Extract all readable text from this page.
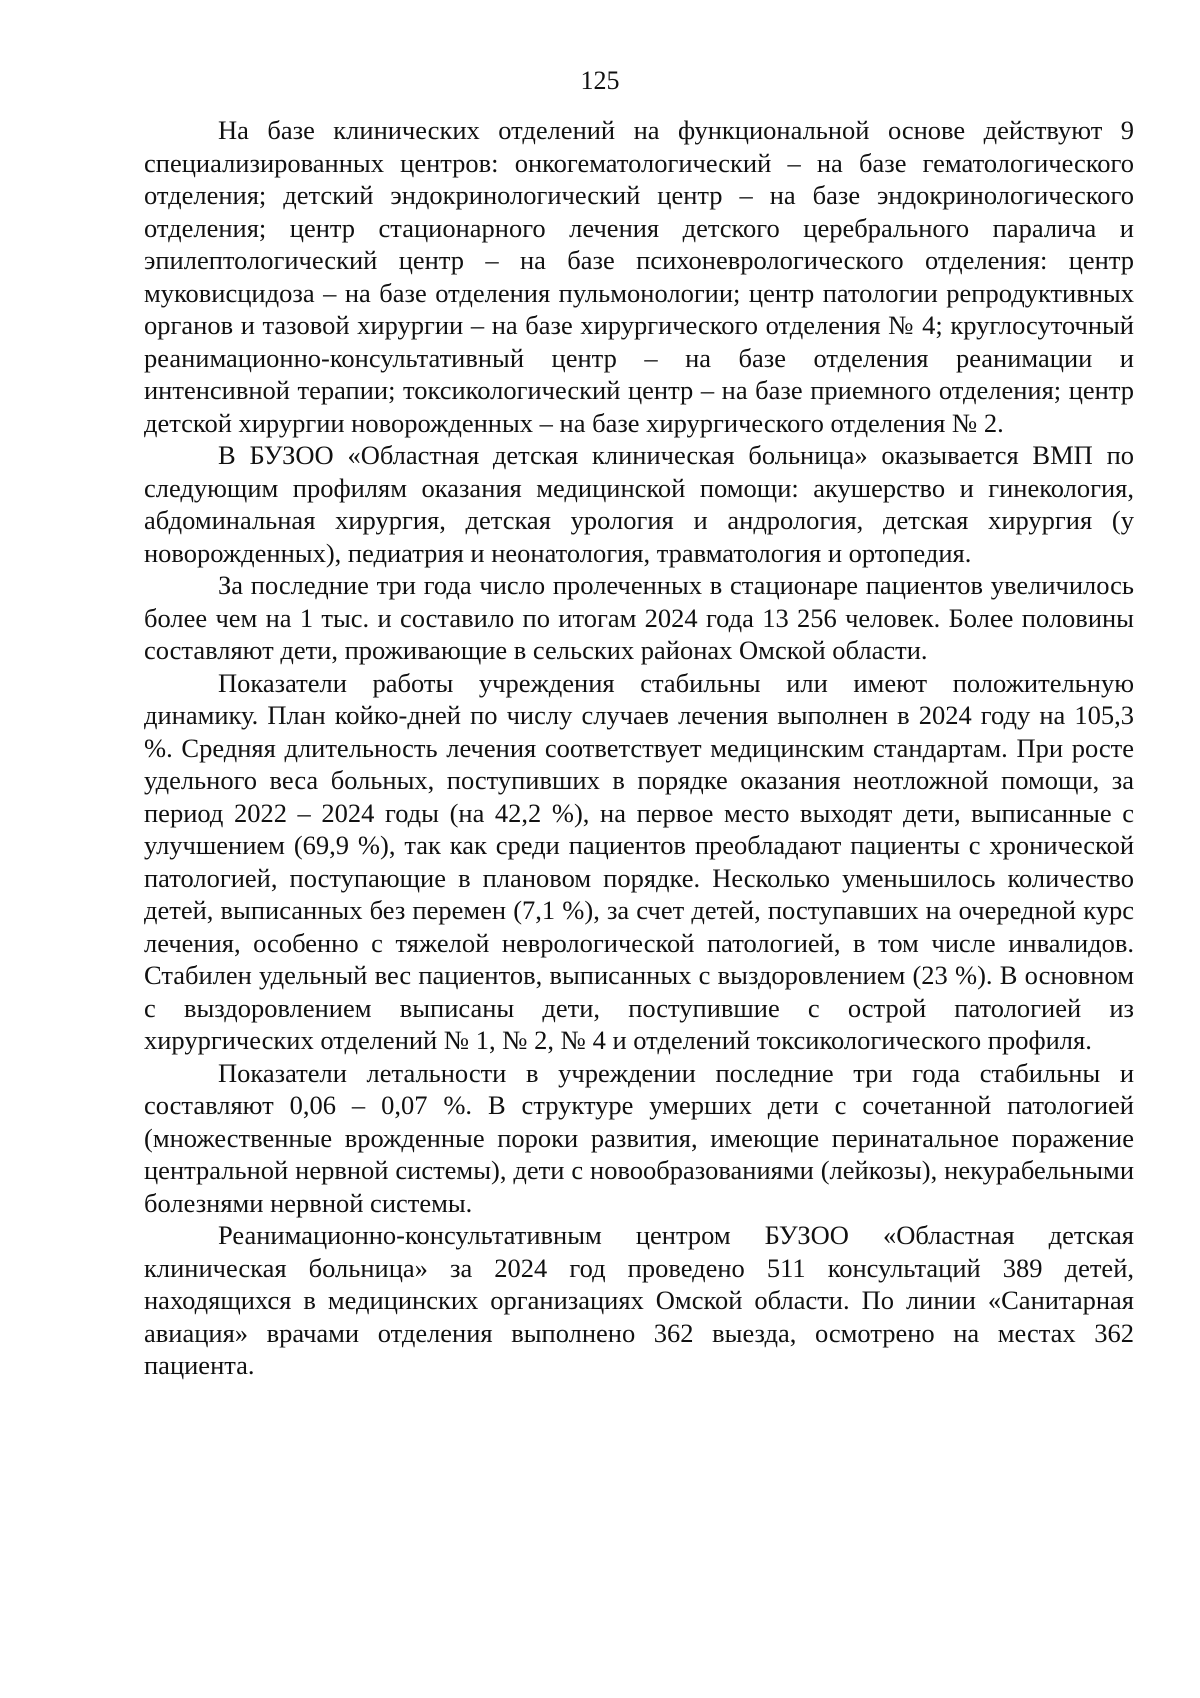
125

На базе клинических отделений на функциональной основе действуют 9 специализированных центров: онкогематологический – на базе гематологического отделения; детский эндокринологический центр – на базе эндокринологического отделения; центр стационарного лечения детского церебрального паралича и эпилептологический центр – на базе психоневрологического отделения: центр муковисцидоза – на базе отделения пульмонологии; центр патологии репродуктивных органов и тазовой хирургии – на базе хирургического отделения № 4; круглосуточный реанимационно-консультативный центр – на базе отделения реанимации и интенсивной терапии; токсикологический центр – на базе приемного отделения; центр детской хирургии новорожденных – на базе хирургического отделения № 2.

В БУЗОО «Областная детская клиническая больница» оказывается ВМП по следующим профилям оказания медицинской помощи: акушерство и гинекология, абдоминальная хирургия, детская урология и андрология, детская хирургия (у новорожденных), педиатрия и неонатология, травматология и ортопедия.

За последние три года число пролеченных в стационаре пациентов увеличилось более чем на 1 тыс. и составило по итогам 2024 года 13 256 человек. Более половины составляют дети, проживающие в сельских районах Омской области.

Показатели работы учреждения стабильны или имеют положительную динамику. План койко-дней по числу случаев лечения выполнен в 2024 году на 105,3 %. Средняя длительность лечения соответствует медицинским стандартам. При росте удельного веса больных, поступивших в порядке оказания неотложной помощи, за период 2022 – 2024 годы (на 42,2 %), на первое место выходят дети, выписанные с улучшением (69,9 %), так как среди пациентов преобладают пациенты с хронической патологией, поступающие в плановом порядке. Несколько уменьшилось количество детей, выписанных без перемен (7,1 %), за счет детей, поступавших на очередной курс лечения, особенно с тяжелой неврологической патологией, в том числе инвалидов. Стабилен удельный вес пациентов, выписанных с выздоровлением (23 %). В основном с выздоровлением выписаны дети, поступившие с острой патологией из хирургических отделений № 1, № 2, № 4 и отделений токсикологического профиля.

Показатели летальности в учреждении последние три года стабильны и составляют 0,06 – 0,07 %. В структуре умерших дети с сочетанной патологией (множественные врожденные пороки развития, имеющие перинатальное поражение центральной нервной системы), дети с новообразованиями (лейкозы), некурабельными болезнями нервной системы.

Реанимационно-консультативным центром БУЗОО «Областная детская клиническая больница» за 2024 год проведено 511 консультаций 389 детей, находящихся в медицинских организациях Омской области. По линии «Санитарная авиация» врачами отделения выполнено 362 выезда, осмотрено на местах 362 пациента.
